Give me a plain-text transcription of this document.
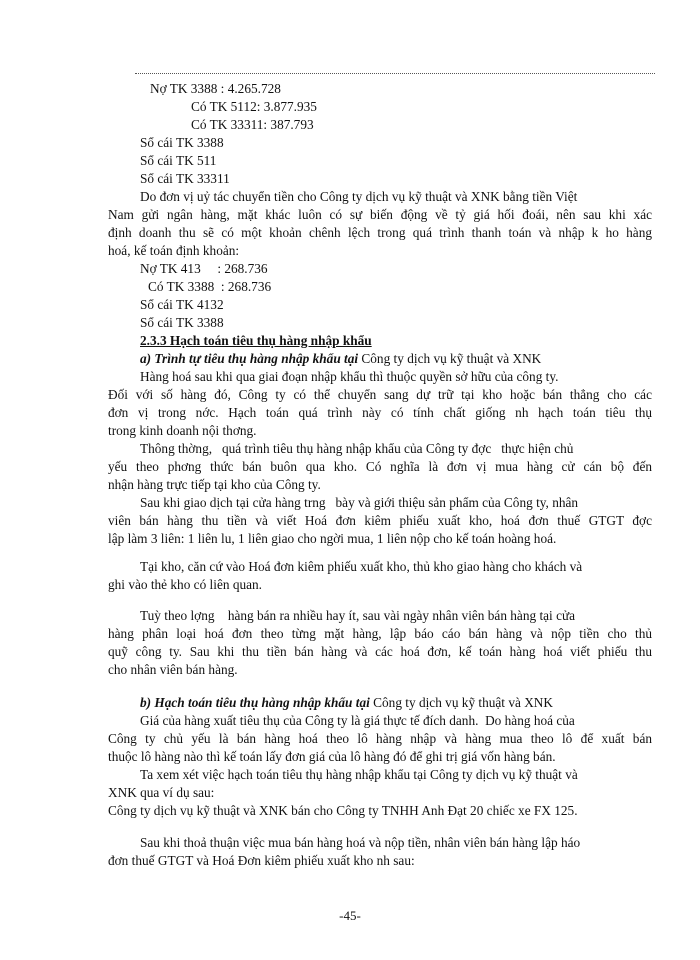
Nợ TK 3388 : 4.265.728
Có TK 5112: 3.877.935
Có TK 33311: 387.793
Sổ cái TK 3388
Sổ cái TK 511
Sổ cái TK 33311
Do đơn vị uỷ tác chuyển tiền cho Công ty dịch vụ kỹ thuật và XNK bằng tiền Việt
Nam gửi ngân hàng, mặt khác luôn có sự biến động về tỷ giá hối đoái, nên sau khi xác
định doanh thu sẽ có một khoản chênh lệch trong quá trình thanh toán và nhập k ho hàng
hoá, kế toán định khoản:
Nợ TK 413     : 268.736
Có TK 3388  : 268.736
Sổ cái TK 4132
Sổ cái TK 3388
2.3.3 Hạch toán tiêu thụ hàng nhập khẩu
a) Trình tự tiêu thụ hàng nhập khẩu tại Công ty dịch vụ kỹ thuật và XNK
Hàng hoá sau khi qua giai đoạn nhập khẩu thì thuộc quyền sở hữu của công ty.
Đối với số hàng đó, Công ty có thể chuyển sang dự trữ tại kho hoặc bán thẳng cho các
đơn vị trong nớc. Hạch toán quá trình này có tính chất giống nh hạch toán tiêu thụ
trong kinh doanh nội thơng.
Thông thờng,   quá trình tiêu thụ hàng nhập khẩu của Công ty đợc   thực hiện chủ
yếu theo phơng thức bán buôn qua kho. Có nghĩa là đơn vị mua hàng cử cán bộ đến
nhận hàng trực tiếp tại kho của Công ty.
Sau khi giao dịch tại cửa hàng trng   bày và giới thiệu sản phẩm của Công ty, nhân
viên bán hàng thu tiền và viết Hoá đơn kiêm phiếu xuất kho, hoá đơn thuế GTGT đợc
lập làm 3 liên: 1 liên lu, 1 liên giao cho ngời mua, 1 liên nộp cho kế toán hoàng hoá.
Tại kho, căn cứ vào Hoá đơn kiêm phiếu xuất kho, thủ kho giao hàng cho khách và
ghi vào thẻ kho có liên quan.
Tuỳ theo lợng    hàng bán ra nhiều hay ít, sau vài ngày nhân viên bán hàng tại cửa
hàng phân loại hoá đơn theo từng mặt hàng, lập báo cáo bán hàng và nộp tiền cho thủ
quỹ công ty. Sau khi thu tiền bán hàng và các hoá đơn, kế toán hàng hoá viết phiếu thu
cho nhân viên bán hàng.
b) Hạch toán tiêu thụ hàng nhập khẩu tại Công ty dịch vụ kỹ thuật và XNK
Giá của hàng xuất tiêu thụ của Công ty là giá thực tế đích danh.  Do hàng hoá của
Công ty chủ yếu là bán hàng hoá theo lô hàng nhập và hàng mua theo lô để xuất bán
thuộc lô hàng nào thì kế toán lấy đơn giá của lô hàng đó để ghi trị giá vốn hàng bán.
Ta xem xét việc hạch toán tiêu thụ hàng nhập khẩu tại Công ty dịch vụ kỹ thuật và
XNK qua ví dụ sau:
Công ty dịch vụ kỹ thuật và XNK bán cho Công ty TNHH Anh Đạt 20 chiếc xe FX 125.
Sau khi thoả thuận việc mua bán hàng hoá và nộp tiền, nhân viên bán hàng lập háo
đơn thuế GTGT và Hoá Đơn kiêm phiếu xuất kho nh sau:
-45-
